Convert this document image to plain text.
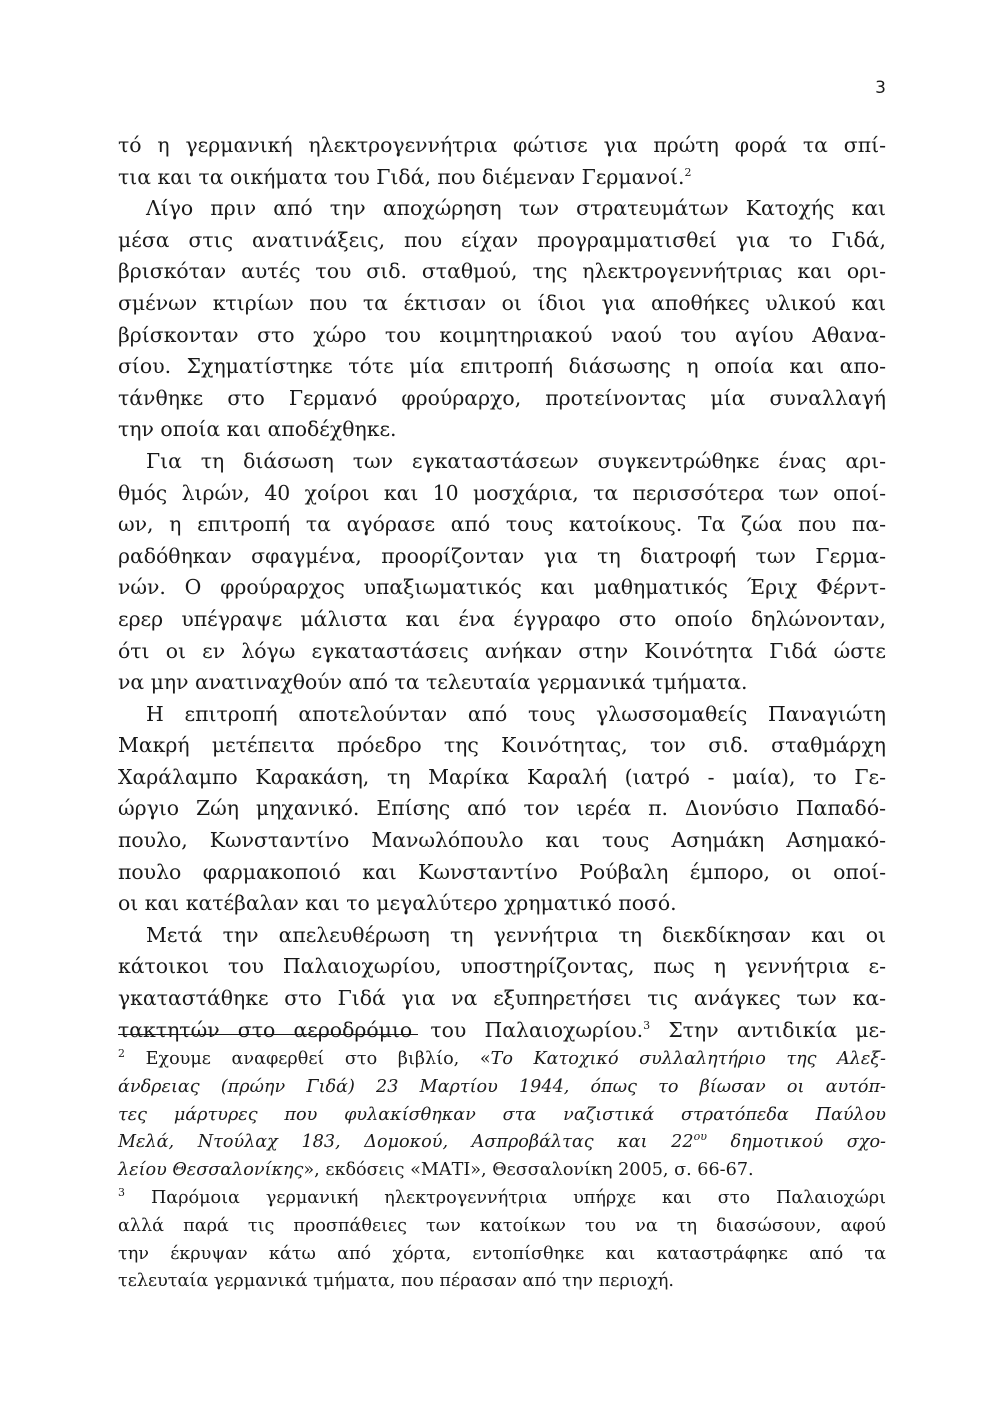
3

τό η γερμανική ηλεκτρογεννήτρια φώτισε για πρώτη φορά τα σπί-
τια και τα οικήματα του Γιδά, που διέμεναν Γερμανοί.$^2$

Λίγο πριν από την αποχώρηση των στρατευμάτων Κατοχής και
μέσα στις ανατινάξεις, που είχαν προγραμματισθεί για το Γιδά,
βρισκόταν αυτές του σιδ. σταθμού, της ηλεκτρογεννήτριας και ορι-
σμένων κτιρίων που τα έκτισαν οι ίδιοι για αποθήκες υλικού και
βρίσκονταν στο χώρο του κοιμητηριακού ναού του αγίου Αθανα-
σίου. Σχηματίστηκε τότε μία επιτροπή διάσωσης η οποία και απο-
τάνθηκε στο Γερμανό φρούραρχο, προτείνοντας μία συναλλαγή
την οποία και αποδέχθηκε.

Για τη διάσωση των εγκαταστάσεων συγκεντρώθηκε ένας αρι-
θμός λιρών, 40 χοίροι και 10 μοσχάρια, τα περισσότερα των οποί-
ων, η επιτροπή τα αγόρασε από τους κατοίκους. Τα ζώα που πα-
ραδόθηκαν σφαγμένα, προορίζονταν για τη διατροφή των Γερμα-
νών. Ο φρούραρχος υπαξιωματικός και μαθηματικός Έριχ Φέρντ-
ερερ υπέγραψε μάλιστα και ένα έγγραφο στο οποίο δηλώνονταν,
ότι οι εν λόγω εγκαταστάσεις ανήκαν στην Κοινότητα Γιδά ώστε
να μην ανατιναχθούν από τα τελευταία γερμανικά τμήματα.

Η επιτροπή αποτελούνταν από τους γλωσσομαθείς Παναγιώτη
Μακρή μετέπειτα πρόεδρο της Κοινότητας, τον σιδ. σταθμάρχη
Χαράλαμπο Καρακάση, τη Μαρίκα Καραλή (ιατρό - μαία), το Γε-
ώργιο Ζώη μηχανικό. Επίσης από τον ιερέα π. Διονύσιο Παπαδό-
πουλο, Κωνσταντίνο Μανωλόπουλο και τους Ασημάκη Ασημακό-
πουλο φαρμακοποιό και Κωνσταντίνο Ρούβαλη έμπορο, οι οποί-
οι και κατέβαλαν και το μεγαλύτερο χρηματικό ποσό.

Μετά την απελευθέρωση τη γεννήτρια τη διεκδίκησαν και οι
κάτοικοι του Παλαιοχωρίου, υποστηρίζοντας, πως η γεννήτρια ε-
γκαταστάθηκε στο Γιδά για να εξυπηρετήσει τις ανάγκες των κα-
τακτητών στο αεροδρόμιο του Παλαιοχωρίου.$^3$ Στην αντιδικία με-

$^2$ Εχουμε αναφερθεί στο βιβλίο, «Το Κατοχικό συλλαλητήριο της Αλεξ-
άνδρειας (πρώην Γιδά) 23 Μαρτίου 1944, όπως το βίωσαν οι αυτόπ-
τες μάρτυρες που φυλακίσθηκαν στα ναζιστικά στρατόπεδα Παύλου
Μελά, Ντούλαχ 183, Δομοκού, Ασπροβάλτας και $22^{o\upsilon}$ δημοτικού σχο-
λείου Θεσσαλονίκης», εκδόσεις «ΜΑΤΙ», Θεσσαλονίκη 2005, σ. 66-67.

$^3$ Παρόμοια γερμανική ηλεκτρογεννήτρια υπήρχε και στο Παλαιοχώρι
αλλά παρά τις προσπάθειες των κατοίκων του να τη διασώσουν, αφού
την έκρυψαν κάτω από χόρτα, εντοπίσθηκε και καταστράφηκε από τα
τελευταία γερμανικά τμήματα, που πέρασαν από την περιοχή.
